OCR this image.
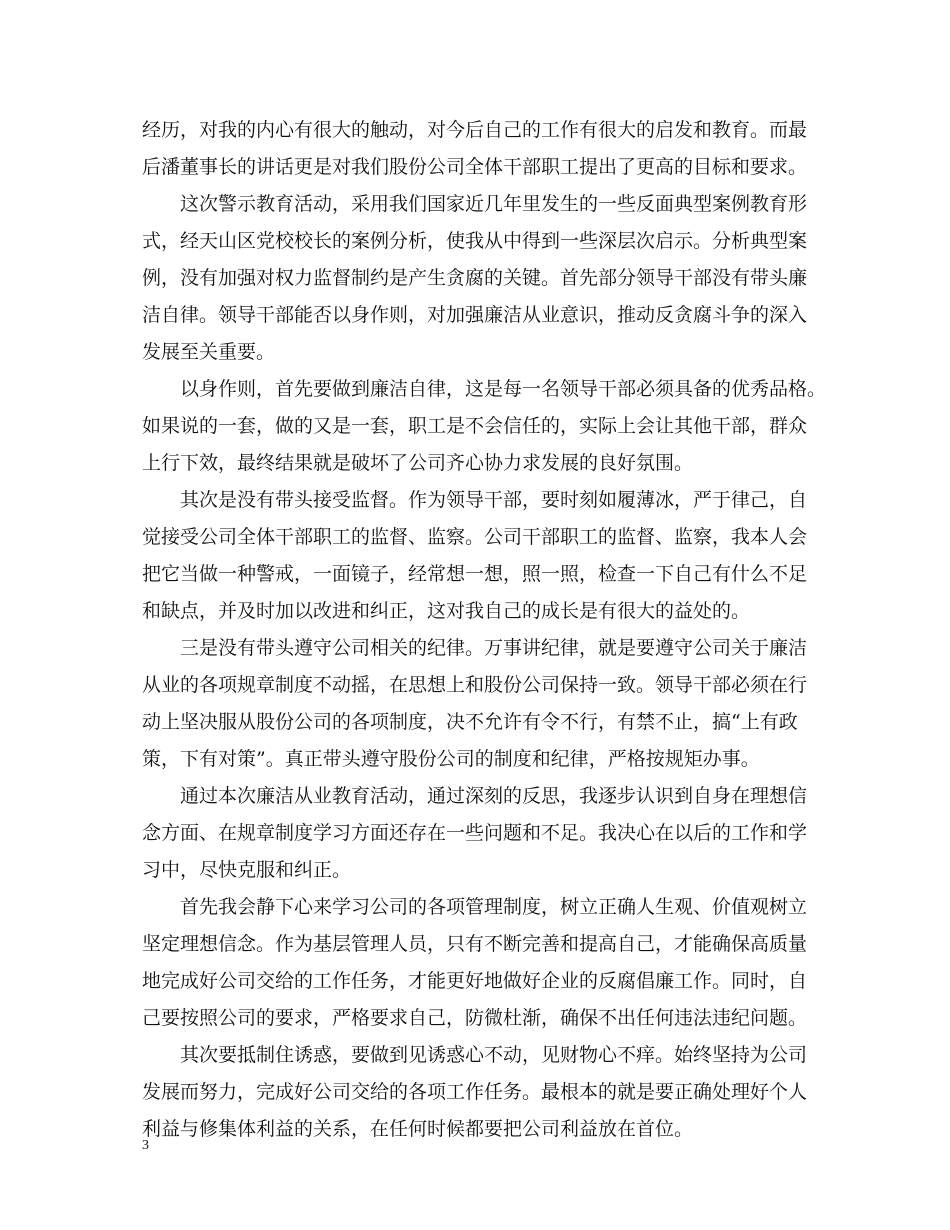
经历，对我的内心有很大的触动，对今后自己的工作有很大的启发和教育。而最
后潘董事长的讲话更是对我们股份公司全体干部职工提出了更高的目标和要求。
　　这次警示教育活动，采用我们国家近几年里发生的一些反面典型案例教育形
式，经天山区党校校长的案例分析，使我从中得到一些深层次启示。分析典型案
例，没有加强对权力监督制约是产生贪腐的关键。首先部分领导干部没有带头廉
洁自律。领导干部能否以身作则，对加强廉洁从业意识，推动反贪腐斗争的深入
发展至关重要。
　　以身作则，首先要做到廉洁自律，这是每一名领导干部必须具备的优秀品格。
如果说的一套，做的又是一套，职工是不会信任的，实际上会让其他干部，群众
上行下效，最终结果就是破坏了公司齐心协力求发展的良好氛围。
　　其次是没有带头接受监督。作为领导干部，要时刻如履薄冰，严于律己，自
觉接受公司全体干部职工的监督、监察。公司干部职工的监督、监察，我本人会
把它当做一种警戒，一面镜子，经常想一想，照一照，检查一下自己有什么不足
和缺点，并及时加以改进和纠正，这对我自己的成长是有很大的益处的。
　　三是没有带头遵守公司相关的纪律。万事讲纪律，就是要遵守公司关于廉洁
从业的各项规章制度不动摇，在思想上和股份公司保持一致。领导干部必须在行
动上坚决服从股份公司的各项制度，决不允许有令不行，有禁不止，搞“上有政
策，下有对策”。真正带头遵守股份公司的制度和纪律，严格按规矩办事。
　　通过本次廉洁从业教育活动，通过深刻的反思，我逐步认识到自身在理想信
念方面、在规章制度学习方面还存在一些问题和不足。我决心在以后的工作和学
习中，尽快克服和纠正。
　　首先我会静下心来学习公司的各项管理制度，树立正确人生观、价值观树立
坚定理想信念。作为基层管理人员，只有不断完善和提高自己，才能确保高质量
地完成好公司交给的工作任务，才能更好地做好企业的反腐倡廉工作。同时，自
己要按照公司的要求，严格要求自己，防微杜渐，确保不出任何违法违纪问题。
　　其次要抵制住诱惑，要做到见诱惑心不动，见财物心不痒。始终坚持为公司
发展而努力，完成好公司交给的各项工作任务。最根本的就是要正确处理好个人
利益与修集体利益的关系，在任何时候都要把公司利益放在首位。
3
